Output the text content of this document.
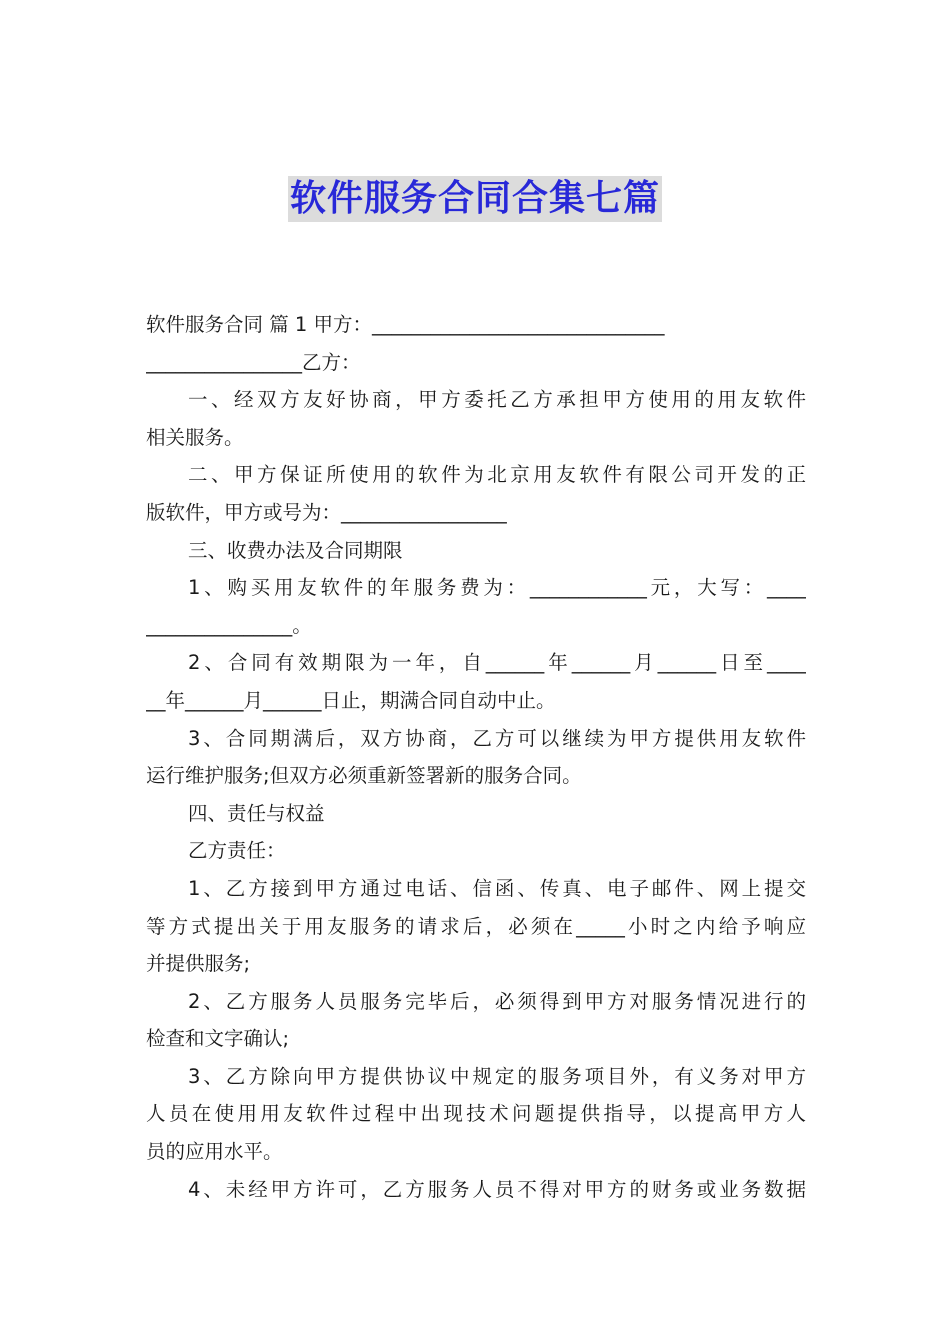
软件服务合同合集七篇
软件服务合同 篇 1 甲方：______________________________
________________乙方：
一、经双方友好协商，甲方委托乙方承担甲方使用的用友软件
相关服务。
二、甲方保证所使用的软件为北京用友软件有限公司开发的正
版软件，甲方或号为：_________________
三、收费办法及合同期限
1、购买用友软件的年服务费为：____________元，大写：____
_______________。
2、合同有效期限为一年，自______年______月______日至____
__年______月______日止，期满合同自动中止。
3、合同期满后，双方协商，乙方可以继续为甲方提供用友软件
运行维护服务;但双方必须重新签署新的服务合同。
四、责任与权益
乙方责任：
1、乙方接到甲方通过电话、信函、传真、电子邮件、网上提交
等方式提出关于用友服务的请求后，必须在_____小时之内给予响应
并提供服务;
2、乙方服务人员服务完毕后，必须得到甲方对服务情况进行的
检查和文字确认;
3、乙方除向甲方提供协议中规定的服务项目外，有义务对甲方
人员在使用用友软件过程中出现技术问题提供指导，以提高甲方人
员的应用水平。
4、未经甲方许可，乙方服务人员不得对甲方的财务或业务数据
